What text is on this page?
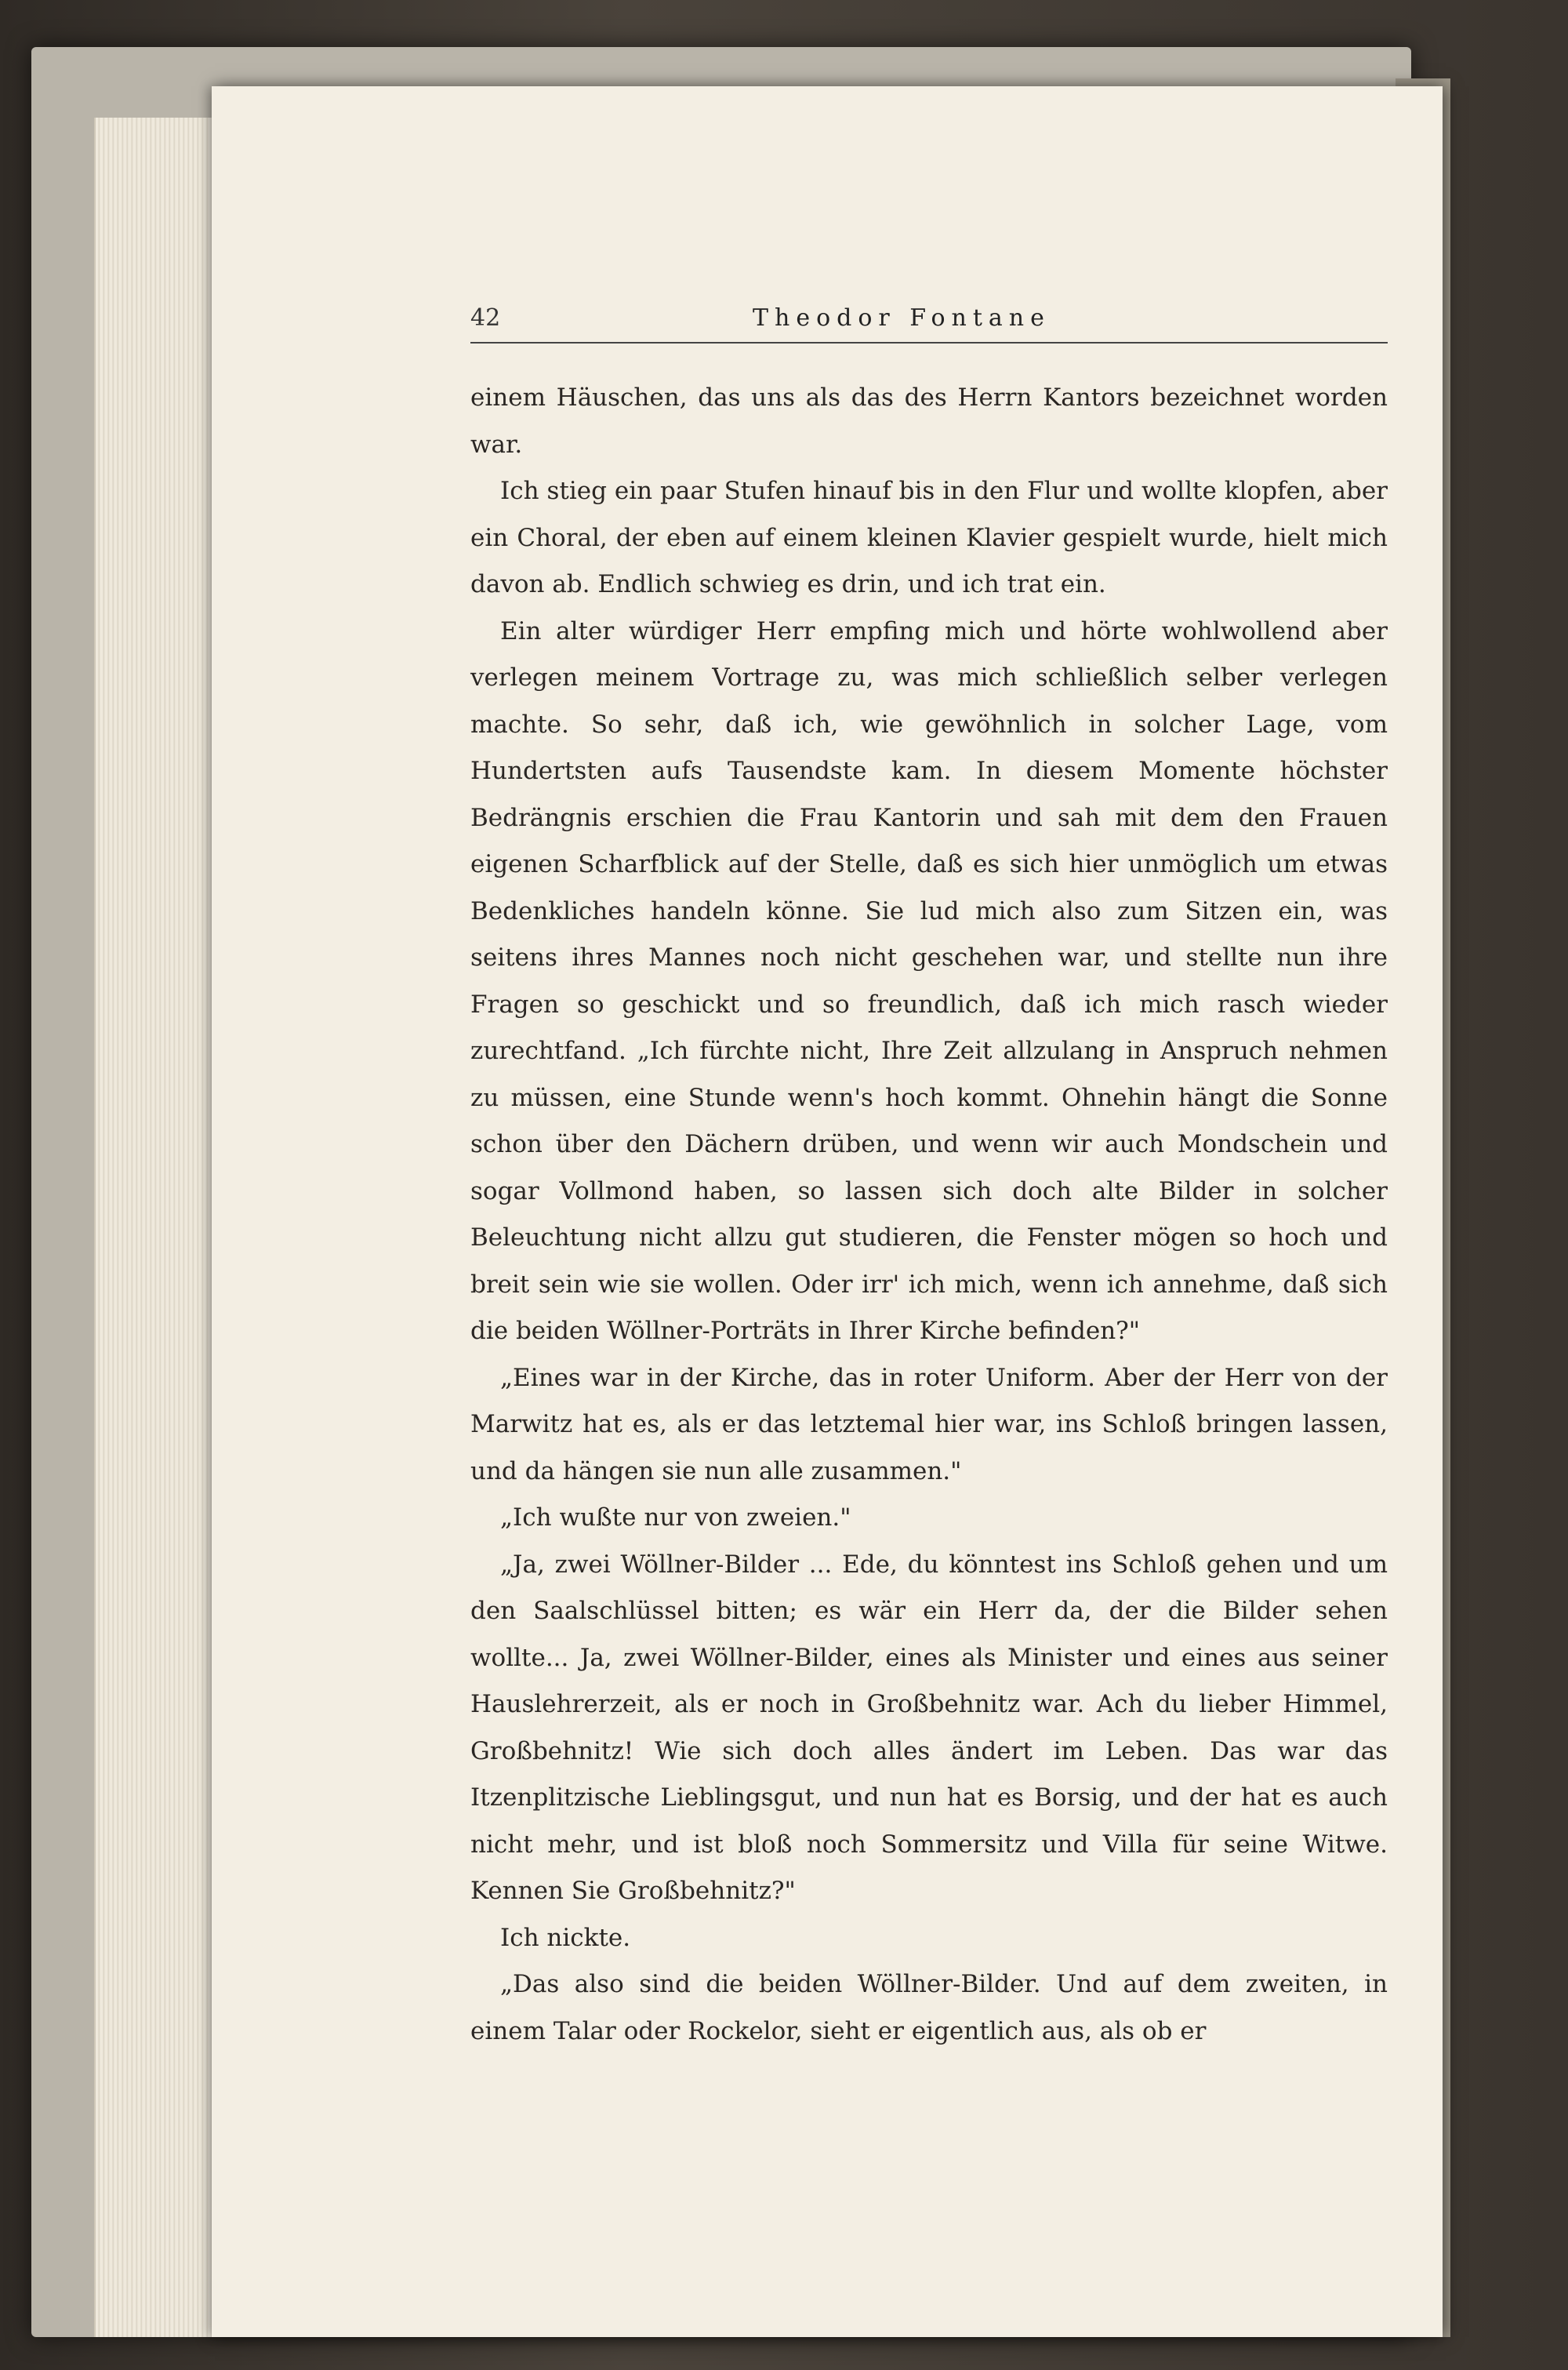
42	Theodor Fontane

einem Häuschen, das uns als das des Herrn Kantors bezeichnet worden war.

Ich stieg ein paar Stufen hinauf bis in den Flur und wollte klopfen, aber ein Choral, der eben auf einem kleinen Klavier gespielt wurde, hielt mich davon ab. Endlich schwieg es drin, und ich trat ein.

Ein alter würdiger Herr empfing mich und hörte wohlwollend aber verlegen meinem Vortrage zu, was mich schließlich selber verlegen machte. So sehr, daß ich, wie gewöhnlich in solcher Lage, vom Hundertsten aufs Tausendste kam. In diesem Momente höchster Bedrängnis erschien die Frau Kantorin und sah mit dem den Frauen eigenen Scharfblick auf der Stelle, daß es sich hier unmöglich um etwas Bedenkliches handeln könne. Sie lud mich also zum Sitzen ein, was seitens ihres Mannes noch nicht geschehen war, und stellte nun ihre Fragen so geschickt und so freundlich, daß ich mich rasch wieder zurechtfand. „Ich fürchte nicht, Ihre Zeit allzulang in Anspruch nehmen zu müssen, eine Stunde wenn's hoch kommt. Ohnehin hängt die Sonne schon über den Dächern drüben, und wenn wir auch Mondschein und sogar Vollmond haben, so lassen sich doch alte Bilder in solcher Beleuchtung nicht allzu gut studieren, die Fenster mögen so hoch und breit sein wie sie wollen. Oder irr' ich mich, wenn ich annehme, daß sich die beiden Wöllner-Porträts in Ihrer Kirche befinden?"

„Eines war in der Kirche, das in roter Uniform. Aber der Herr von der Marwitz hat es, als er das letztemal hier war, ins Schloß bringen lassen, und da hängen sie nun alle zusammen."

„Ich wußte nur von zweien."

„Ja, zwei Wöllner-Bilder ... Ede, du könntest ins Schloß gehen und um den Saalschlüssel bitten; es wär ein Herr da, der die Bilder sehen wollte... Ja, zwei Wöllner-Bilder, eines als Minister und eines aus seiner Hauslehrerzeit, als er noch in Großbehnitz war. Ach du lieber Himmel, Großbehnitz! Wie sich doch alles ändert im Leben. Das war das Itzenplitzische Lieblingsgut, und nun hat es Borsig, und der hat es auch nicht mehr, und ist bloß noch Sommersitz und Villa für seine Witwe. Kennen Sie Großbehnitz?"

Ich nickte.

„Das also sind die beiden Wöllner-Bilder. Und auf dem zweiten, in einem Talar oder Rockelor, sieht er eigentlich aus, als ob er
